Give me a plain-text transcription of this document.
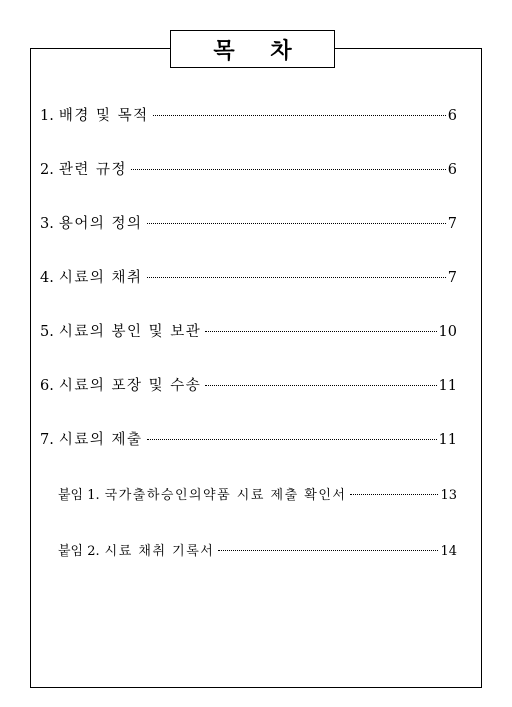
목 차
1. 배경 및 목적	6
2. 관련 규정	6
3. 용어의 정의	7
4. 시료의 채취	7
5. 시료의 봉인 및 보관	10
6. 시료의 포장 및 수송	11
7. 시료의 제출	11
붙임 1. 국가출하승인의약품 시료 제출 확인서	13
붙임 2. 시료 채취 기록서	14
